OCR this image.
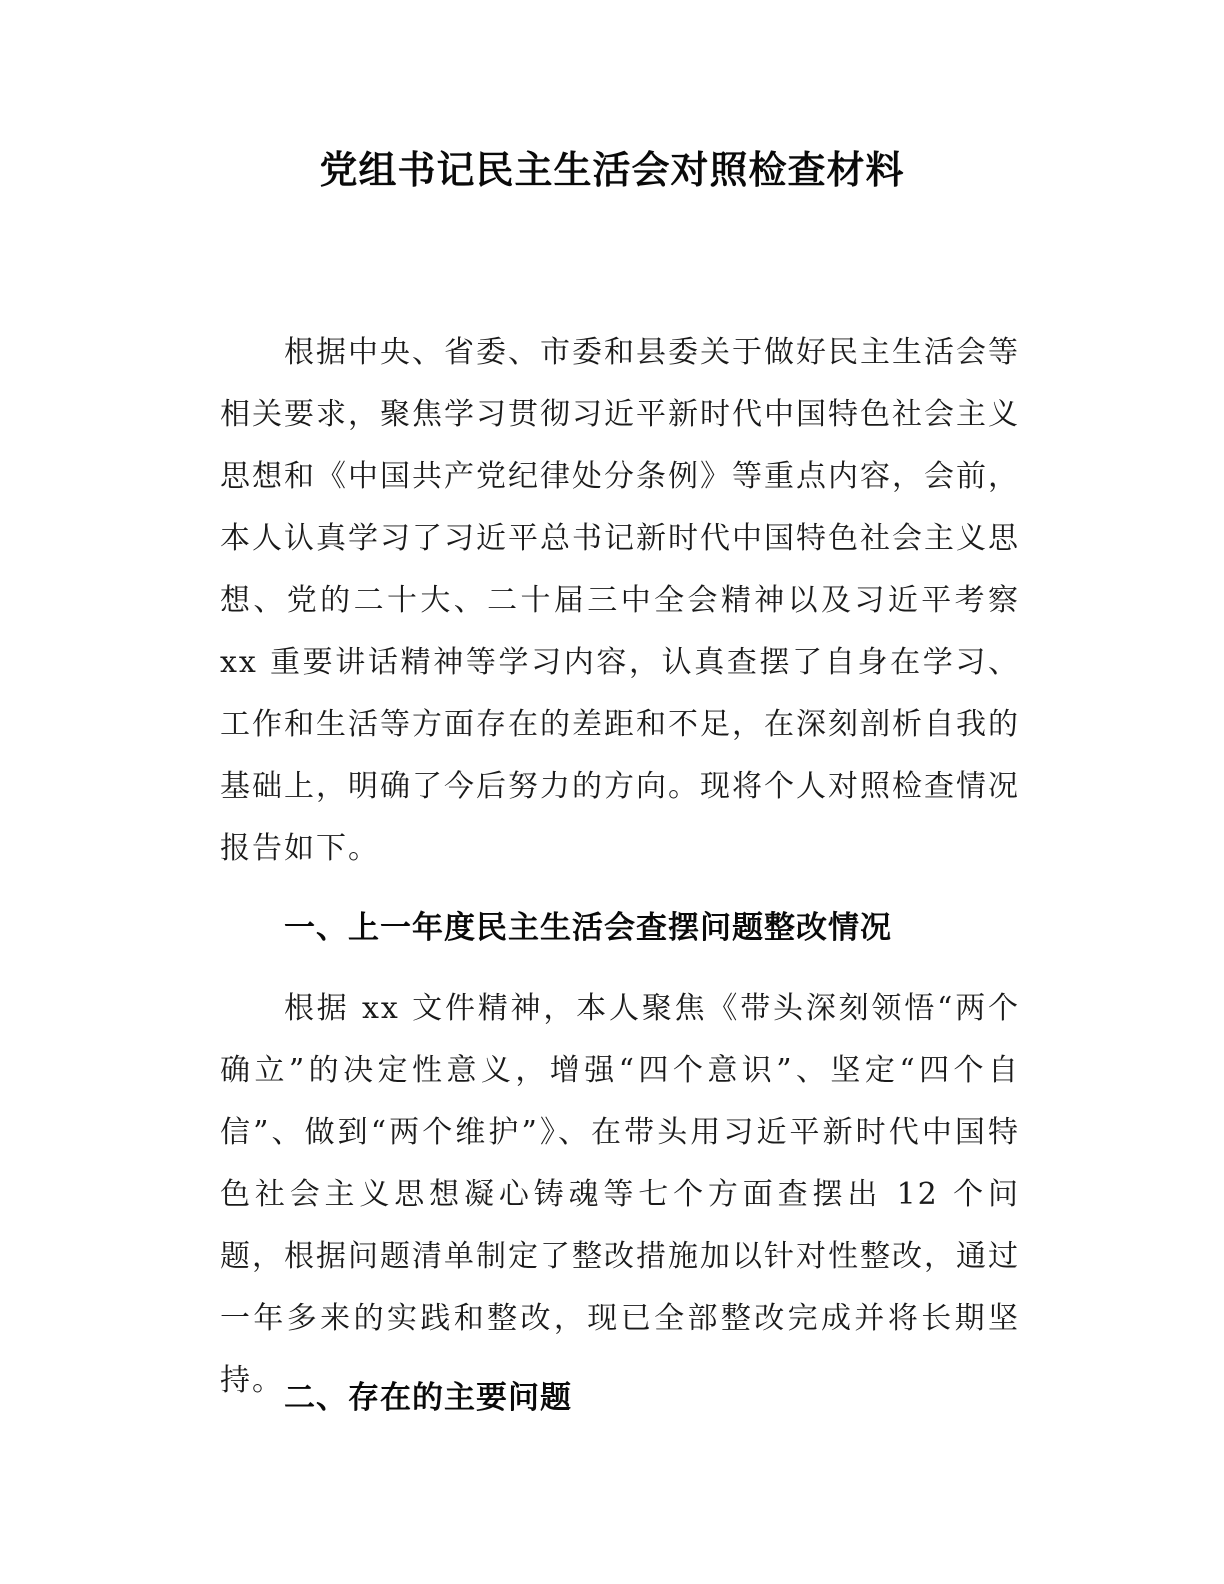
党组书记民主生活会对照检查材料

根据中央、省委、市委和县委关于做好民主生活会等相关要求，聚焦学习贯彻习近平新时代中国特色社会主义思想和《中国共产党纪律处分条例》等重点内容，会前，本人认真学习了习近平总书记新时代中国特色社会主义思想、党的二十大、二十届三中全会精神以及习近平考察 xx 重要讲话精神等学习内容，认真查摆了自身在学习、工作和生活等方面存在的差距和不足，在深刻剖析自我的基础上，明确了今后努力的方向。现将个人对照检查情况报告如下。

一、上一年度民主生活会查摆问题整改情况

根据 xx 文件精神，本人聚焦《带头深刻领悟“两个确立”的决定性意义，增强“四个意识”、坚定“四个自信”、做到“两个维护”》、在带头用习近平新时代中国特色社会主义思想凝心铸魂等七个方面查摆出 12 个问题，根据问题清单制定了整改措施加以针对性整改，通过一年多来的实践和整改，现已全部整改完成并将长期坚持。 二、存在的主要问题
